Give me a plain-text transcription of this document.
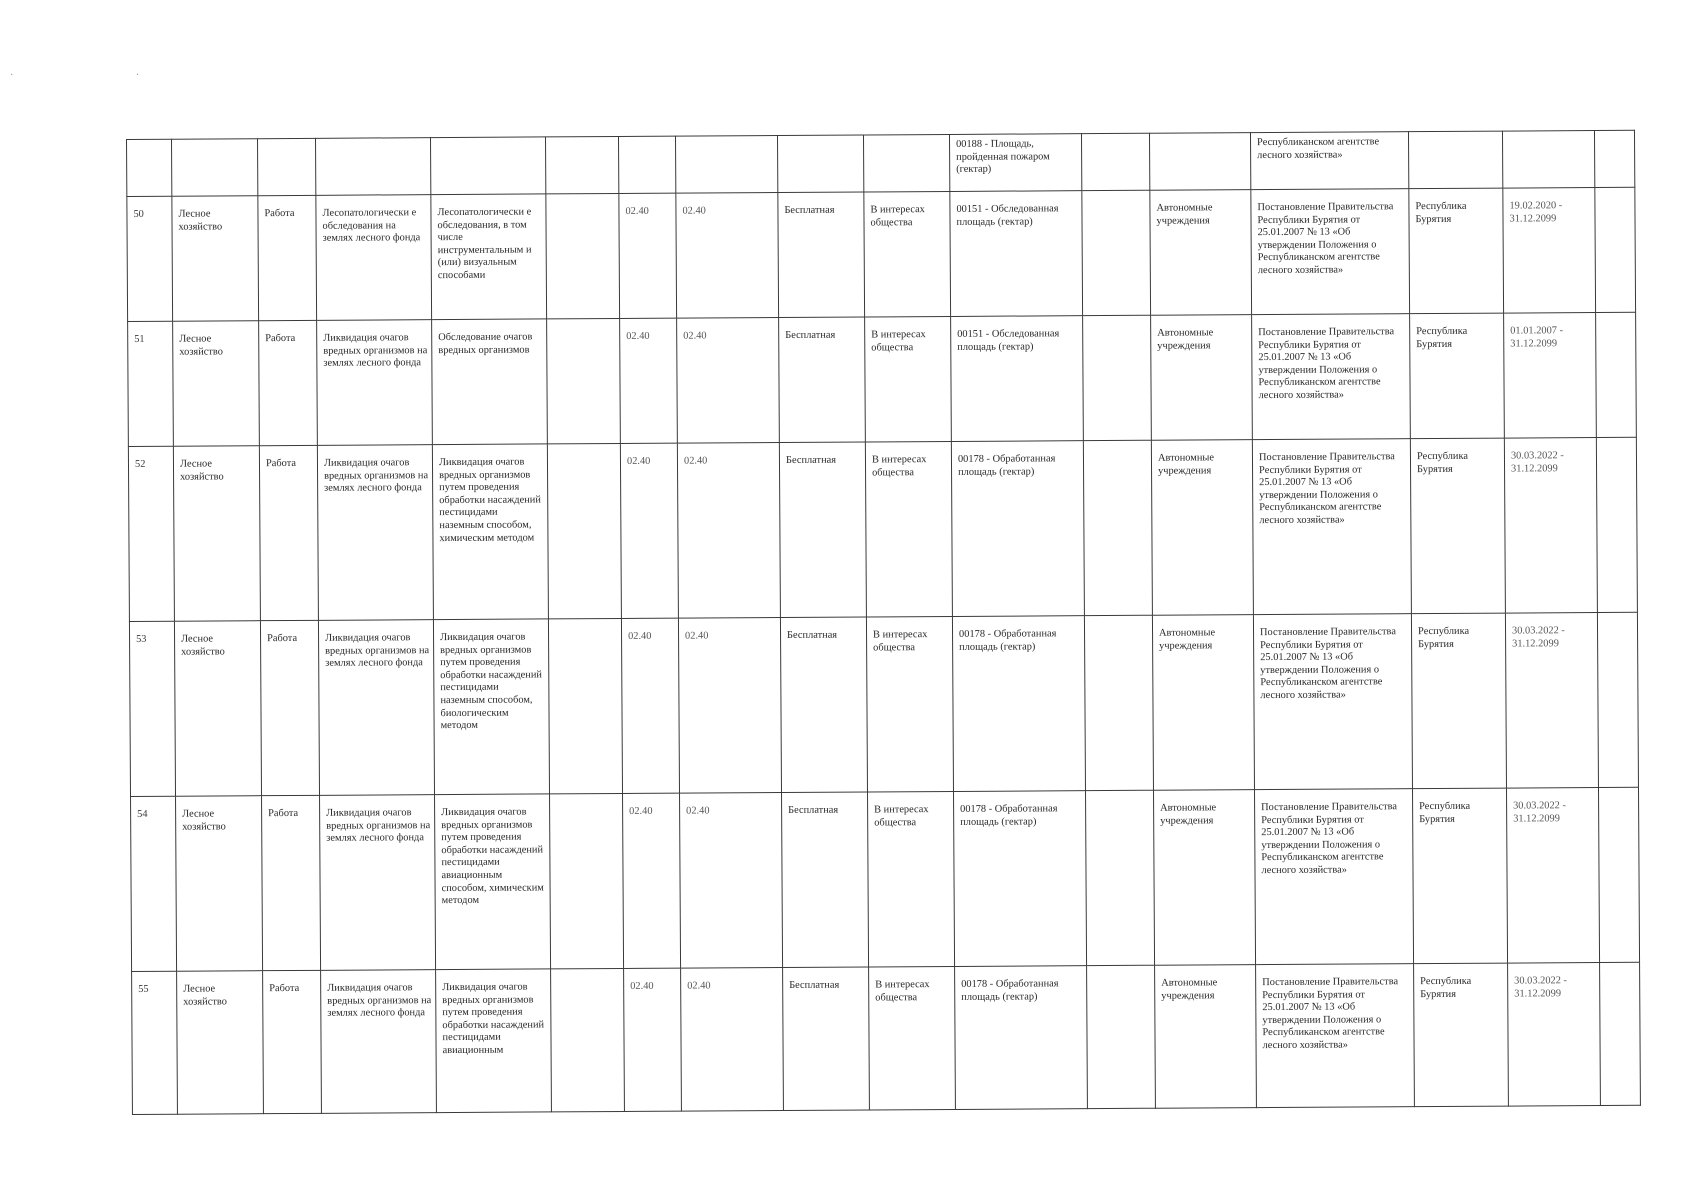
· ·
										00188 - Площадь, пройденная пожаром (гектар)			Республиканском агентстве лесного хозяйства»			
50	Лесное хозяйство	Работа	Лесопатологически е обследования на землях лесного фонда	Лесопатологически е обследования, в том числе инструментальным и (или) визуальным способами		02.40	02.40	Бесплатная	В интересах общества	00151 - Обследованная площадь (гектар)		Автономные учреждения	Постановление Правительства Республики Бурятия от 25.01.2007 № 13 «Об утверждении Положения о Республиканском агентстве лесного хозяйства»	Республика Бурятия	19.02.2020 - 31.12.2099	
51	Лесное хозяйство	Работа	Ликвидация очагов вредных организмов на землях лесного фонда	Обследование очагов вредных организмов		02.40	02.40	Бесплатная	В интересах общества	00151 - Обследованная площадь (гектар)		Автономные учреждения	Постановление Правительства Республики Бурятия от 25.01.2007 № 13 «Об утверждении Положения о Республиканском агентстве лесного хозяйства»	Республика Бурятия	01.01.2007 - 31.12.2099	
52	Лесное хозяйство	Работа	Ликвидация очагов вредных организмов на землях лесного фонда	Ликвидация очагов вредных организмов путем проведения обработки насаждений пестицидами наземным способом, химическим методом		02.40	02.40	Бесплатная	В интересах общества	00178 - Обработанная площадь (гектар)		Автономные учреждения	Постановление Правительства Республики Бурятия от 25.01.2007 № 13 «Об утверждении Положения о Республиканском агентстве лесного хозяйства»	Республика Бурятия	30.03.2022 - 31.12.2099	
53	Лесное хозяйство	Работа	Ликвидация очагов вредных организмов на землях лесного фонда	Ликвидация очагов вредных организмов путем проведения обработки насаждений пестицидами наземным способом, биологическим методом		02.40	02.40	Бесплатная	В интересах общества	00178 - Обработанная площадь (гектар)		Автономные учреждения	Постановление Правительства Республики Бурятия от 25.01.2007 № 13 «Об утверждении Положения о Республиканском агентстве лесного хозяйства»	Республика Бурятия	30.03.2022 - 31.12.2099	
54	Лесное хозяйство	Работа	Ликвидация очагов вредных организмов на землях лесного фонда	Ликвидация очагов вредных организмов путем проведения обработки насаждений пестицидами авиационным способом, химическим методом		02.40	02.40	Бесплатная	В интересах общества	00178 - Обработанная площадь (гектар)		Автономные учреждения	Постановление Правительства Республики Бурятия от 25.01.2007 № 13 «Об утверждении Положения о Республиканском агентстве лесного хозяйства»	Республика Бурятия	30.03.2022 - 31.12.2099	
55	Лесное хозяйство	Работа	Ликвидация очагов вредных организмов на землях лесного фонда	Ликвидация очагов вредных организмов путем проведения обработки насаждений пестицидами авиационным		02.40	02.40	Бесплатная	В интересах общества	00178 - Обработанная площадь (гектар)		Автономные учреждения	Постановление Правительства Республики Бурятия от 25.01.2007 № 13 «Об утверждении Положения о Республиканском агентстве лесного хозяйства»	Республика Бурятия	30.03.2022 - 31.12.2099	
